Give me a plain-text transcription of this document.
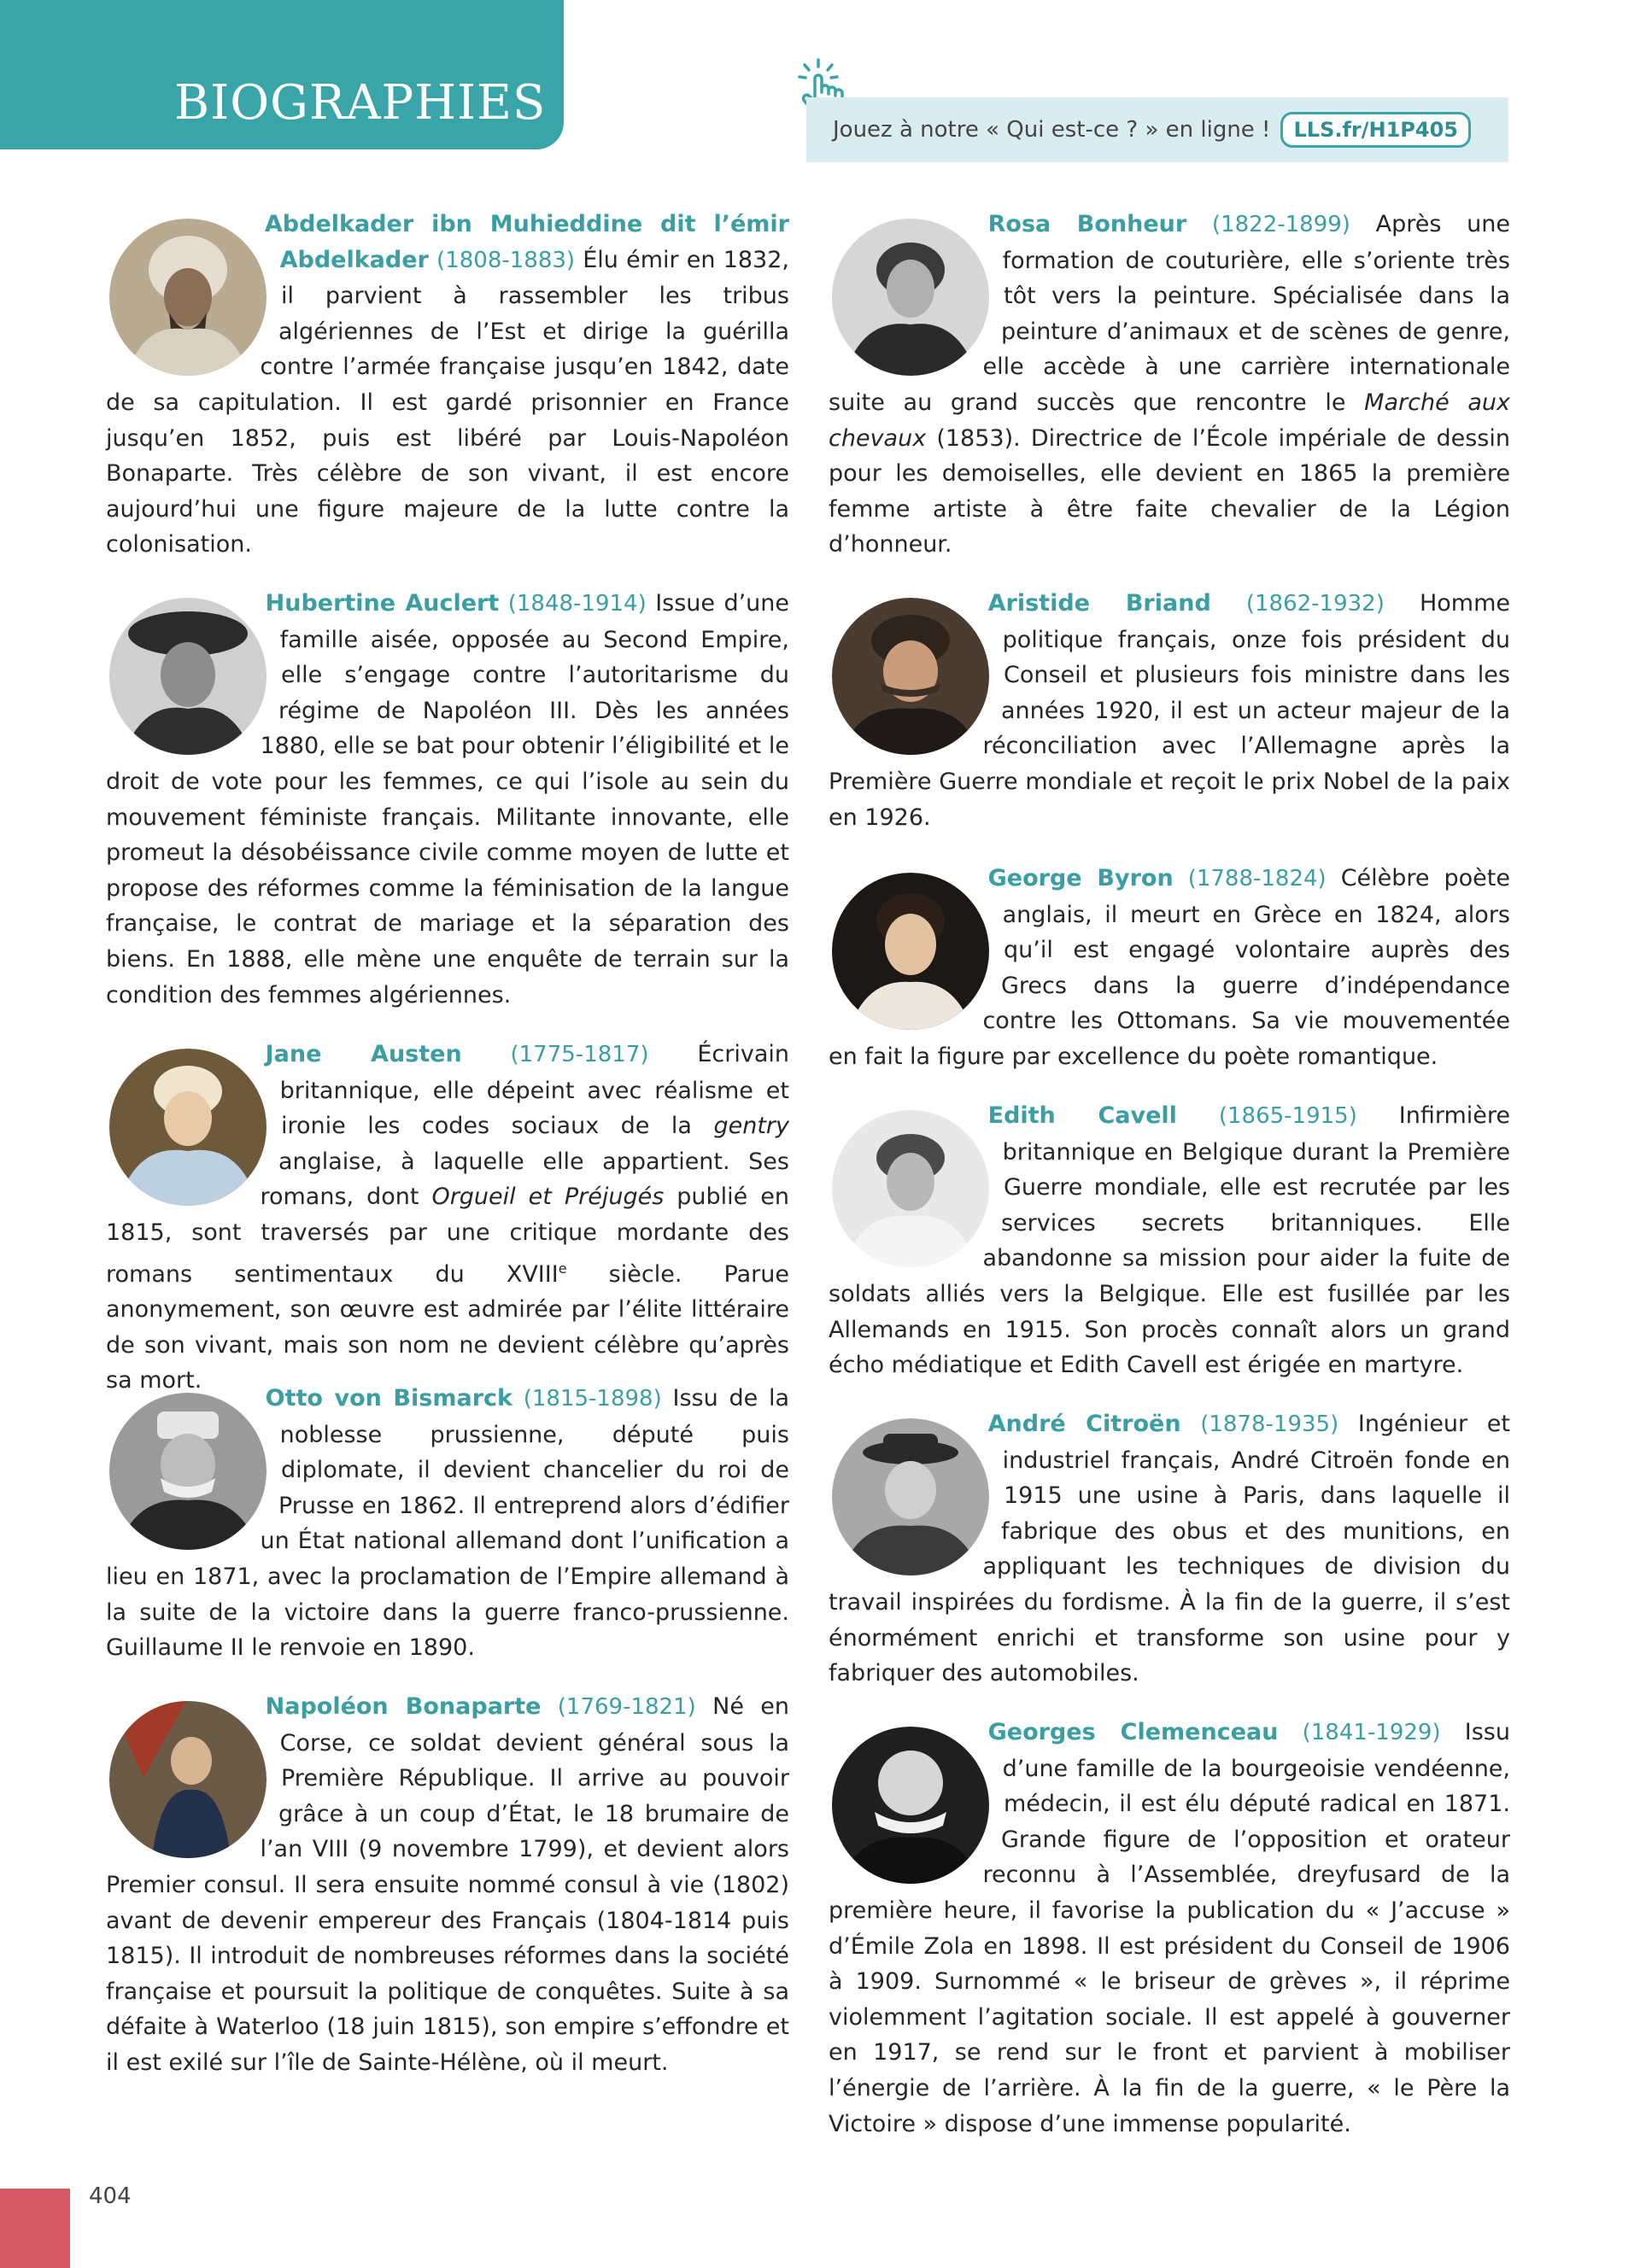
BIOGRAPHIES	Jouez à notre « Qui est-ce ? » en ligne !	LLS.fr/H1P405
Abdelkader ibn Muhieddine dit l’émir Abdelkader (1808-1883) Élu émir en 1832, il parvient à rassembler les tribus algériennes de l’Est et dirige la guérilla contre l’armée française jusqu’en 1842, date de sa capitulation. Il est gardé prisonnier en France jusqu’en 1852, puis est libéré par Louis-Napoléon Bonaparte. Très célèbre de son vivant, il est encore aujourd’hui une figure majeure de la lutte contre la colonisation.
Hubertine Auclert (1848-1914) Issue d’une famille aisée, opposée au Second Empire, elle s’engage contre l’autoritarisme du régime de Napoléon III. Dès les années 1880, elle se bat pour obtenir l’éligibilité et le droit de vote pour les femmes, ce qui l’isole au sein du mouvement féministe français. Militante innovante, elle promeut la désobéissance civile comme moyen de lutte et propose des réformes comme la féminisation de la langue française, le contrat de mariage et la séparation des biens. En 1888, elle mène une enquête de terrain sur la condition des femmes algériennes.
Jane Austen (1775-1817) Écrivain britannique, elle dépeint avec réalisme et ironie les codes sociaux de la gentry anglaise, à laquelle elle appartient. Ses romans, dont Orgueil et Préjugés publié en 1815, sont traversés par une critique mordante des romans sentimentaux du XVIIIe siècle. Parue anonymement, son œuvre est admirée par l’élite littéraire de son vivant, mais son nom ne devient célèbre qu’après sa mort.
Otto von Bismarck (1815-1898) Issu de la noblesse prussienne, député puis diplomate, il devient chancelier du roi de Prusse en 1862. Il entreprend alors d’édifier un État national allemand dont l’unification a lieu en 1871, avec la proclamation de l’Empire allemand à la suite de la victoire dans la guerre franco-prussienne. Guillaume II le renvoie en 1890.
Napoléon Bonaparte (1769-1821) Né en Corse, ce soldat devient général sous la Première République. Il arrive au pouvoir grâce à un coup d’État, le 18 brumaire de l’an VIII (9 novembre 1799), et devient alors Premier consul. Il sera ensuite nommé consul à vie (1802) avant de devenir empereur des Français (1804-1814 puis 1815). Il introduit de nombreuses réformes dans la société française et poursuit la politique de conquêtes. Suite à sa défaite à Waterloo (18 juin 1815), son empire s’effondre et il est exilé sur l’île de Sainte-Hélène, où il meurt.
Rosa Bonheur (1822-1899) Après une formation de couturière, elle s’oriente très tôt vers la peinture. Spécialisée dans la peinture d’animaux et de scènes de genre, elle accède à une carrière internationale suite au grand succès que rencontre le Marché aux chevaux (1853). Directrice de l’École impériale de dessin pour les demoiselles, elle devient en 1865 la première femme artiste à être faite chevalier de la Légion d’honneur.
Aristide Briand (1862-1932) Homme politique français, onze fois président du Conseil et plusieurs fois ministre dans les années 1920, il est un acteur majeur de la réconciliation avec l’Allemagne après la Première Guerre mondiale et reçoit le prix Nobel de la paix en 1926.
George Byron (1788-1824) Célèbre poète anglais, il meurt en Grèce en 1824, alors qu’il est engagé volontaire auprès des Grecs dans la guerre d’indépendance contre les Ottomans. Sa vie mouvementée en fait la figure par excellence du poète romantique.
Edith Cavell (1865-1915) Infirmière britannique en Belgique durant la Première Guerre mondiale, elle est recrutée par les services secrets britanniques. Elle abandonne sa mission pour aider la fuite de soldats alliés vers la Belgique. Elle est fusillée par les Allemands en 1915. Son procès connaît alors un grand écho médiatique et Edith Cavell est érigée en martyre.
André Citroën (1878-1935) Ingénieur et industriel français, André Citroën fonde en 1915 une usine à Paris, dans laquelle il fabrique des obus et des munitions, en appliquant les techniques de division du travail inspirées du fordisme. À la fin de la guerre, il s’est énormément enrichi et transforme son usine pour y fabriquer des automobiles.
Georges Clemenceau (1841-1929) Issu d’une famille de la bourgeoisie vendéenne, médecin, il est élu député radical en 1871. Grande figure de l’opposition et orateur reconnu à l’Assemblée, dreyfusard de la première heure, il favorise la publication du « J’accuse » d’Émile Zola en 1898. Il est président du Conseil de 1906 à 1909. Surnommé « le briseur de grèves », il réprime violemment l’agitation sociale. Il est appelé à gouverner en 1917, se rend sur le front et parvient à mobiliser l’énergie de l’arrière. À la fin de la guerre, « le Père la Victoire » dispose d’une immense popularité.
404
